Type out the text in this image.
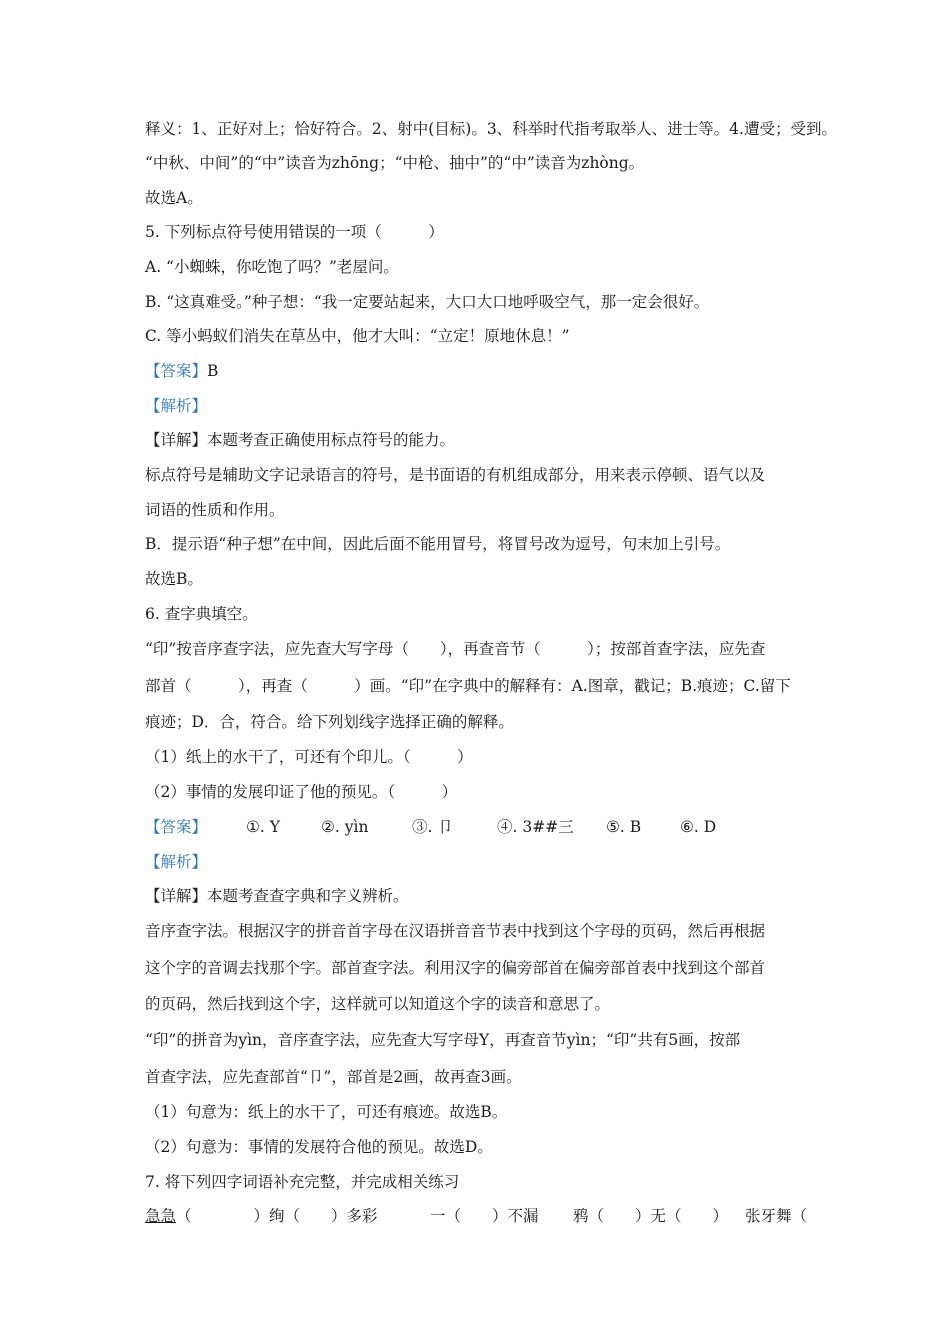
释义：1、正好对上；恰好符合。2、射中(目标)。3、科举时代指考取举人、进士等。4.遭受；受到。
“中秋、中间”的“中”读音为zhōng；“中枪、抽中”的“中”读音为zhòng。
故选A。
5. 下列标点符号使用错误的一项（　　　）
A. “小蜘蛛，你吃饱了吗？”老屋问。
B. “这真难受。”种子想：“我一定要站起来，大口大口地呼吸空气，那一定会很好。
C. 等小蚂蚁们消失在草丛中，他才大叫：“立定！原地休息！”
【答案】B
【解析】
【详解】本题考查正确使用标点符号的能力。
标点符号是辅助文字记录语言的符号，是书面语的有机组成部分，用来表示停顿、语气以及
词语的性质和作用。
B．提示语“种子想”在中间，因此后面不能用冒号，将冒号改为逗号，句末加上引号。
故选B。
6. 查字典填空。
“印”按音序查字法，应先查大写字母（　　），再查音节（　　　）；按部首查字法，应先查
部首（　　　），再查（　　　）画。“印”在字典中的解释有：A.图章，戳记；B.痕迹；C.留下
痕迹；D．合，符合。给下列划线字选择正确的解释。
（1）纸上的水干了，可还有个印儿。（　　　）
（2）事情的发展印证了他的预见。（　　　）
【答案】	①. Y	②. yìn	③. 卩	④. 3##三 ⑤. B	⑥. D
【解析】
【详解】本题考查查字典和字义辨析。
音序查字法。根据汉字的拼音首字母在汉语拼音音节表中找到这个字母的页码，然后再根据
这个字的音调去找那个字。部首查字法。利用汉字的偏旁部首在偏旁部首表中找到这个部首
的页码，然后找到这个字，这样就可以知道这个字的读音和意思了。
“印”的拼音为yìn，音序查字法，应先查大写字母Y，再查音节yìn；“印”共有5画，按部
首查字法，应先查部首“卩”，部首是2画，故再查3画。
（1）句意为：纸上的水干了，可还有痕迹。故选B。
（2）句意为：事情的发展符合他的预见。故选D。
7. 将下列四字词语补充完整，并完成相关练习
急急（　　　　） 绚（　　）多彩	一（　　）不漏 鸦（　　）无（　　） 张牙舞（
